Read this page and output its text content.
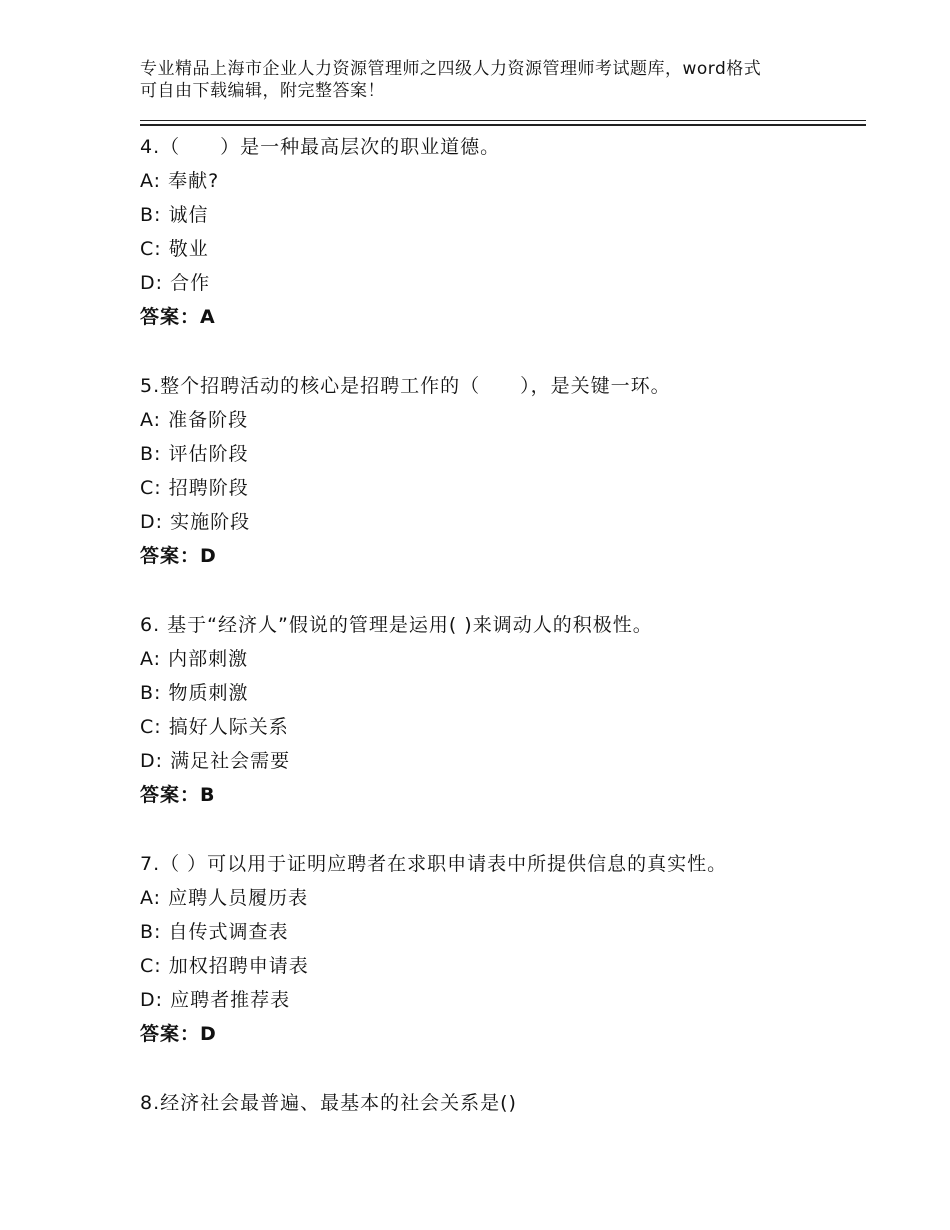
专业精品上海市企业人力资源管理师之四级人力资源管理师考试题库，word格式
可自由下载编辑，附完整答案！
4.（　　）是一种最高层次的职业道德。
A: 奉献?
B: 诚信
C: 敬业
D: 合作
答案：A
5.整个招聘活动的核心是招聘工作的（　　），是关键一环。
A: 准备阶段
B: 评估阶段
C: 招聘阶段
D: 实施阶段
答案：D
6. 基于“经济人”假说的管理是运用( )来调动人的积极性。
A: 内部刺激
B: 物质刺激
C: 搞好人际关系
D: 满足社会需要
答案：B
7.（ ）可以用于证明应聘者在求职申请表中所提供信息的真实性。
A: 应聘人员履历表
B: 自传式调查表
C: 加权招聘申请表
D: 应聘者推荐表
答案：D
8.经济社会最普遍、最基本的社会关系是()
